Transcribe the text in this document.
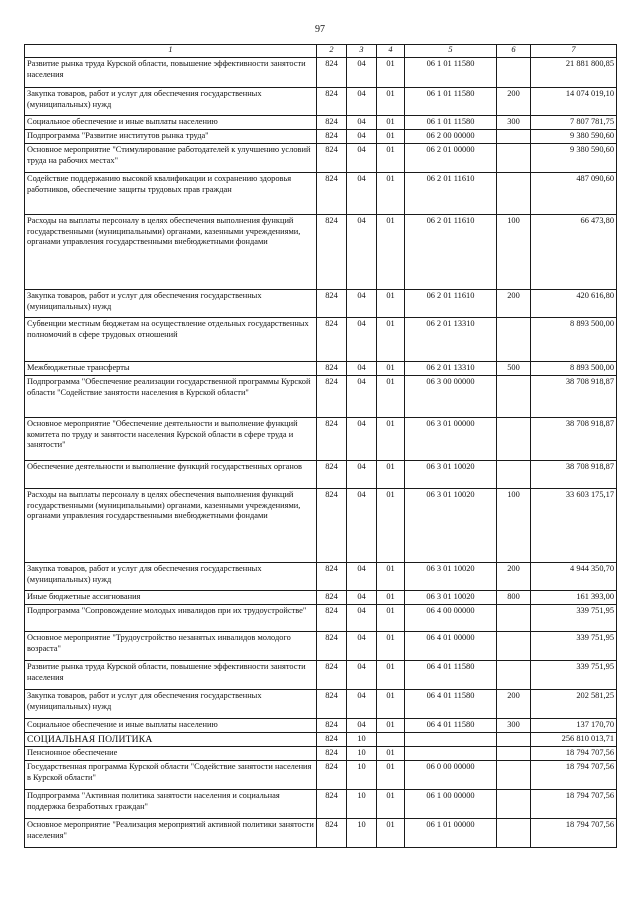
97
1	2	3	4	5	6	7
Развитие рынка труда Курской области, повышение эффективности занятости населения	824	04	01	06 1 01 11580		21 881 800,85
Закупка товаров, работ и услуг для обеспечения государственных (муниципальных) нужд	824	04	01	06 1 01 11580	200	14 074 019,10
Социальное обеспечение и иные выплаты населению	824	04	01	06 1 01 11580	300	7 807 781,75
Подпрограмма "Развитие институтов рынка труда"	824	04	01	06 2 00 00000		9 380 590,60
Основное мероприятие "Стимулирование работодателей к улучшению условий труда на рабочих местах"	824	04	01	06 2 01 00000		9 380 590,60
Содействие поддержанию высокой квалификации и сохранению здоровья работников, обеспечение защиты трудовых прав граждан	824	04	01	06 2 01 11610		487 090,60
Расходы на выплаты персоналу в целях обеспечения выполнения функций государственными (муниципальными) органами, казенными учреждениями, органами управления государственными внебюджетными фондами	824	04	01	06 2 01 11610	100	66 473,80
Закупка товаров, работ и услуг для обеспечения государственных (муниципальных) нужд	824	04	01	06 2 01 11610	200	420 616,80
Субвенции местным бюджетам на осуществление отдельных государственных полномочий в сфере трудовых отношений	824	04	01	06 2 01 13310		8 893 500,00
Межбюджетные трансферты	824	04	01	06 2 01 13310	500	8 893 500,00
Подпрограмма "Обеспечение реализации государственной программы Курской области "Содействие занятости населения в Курской области"	824	04	01	06 3 00 00000		38 708 918,87
Основное мероприятие "Обеспечение деятельности и выполнение функций комитета по труду и занятости населения Курской области в сфере труда и занятости"	824	04	01	06 3 01 00000		38 708 918,87
Обеспечение деятельности и выполнение функций государственных органов	824	04	01	06 3 01 10020		38 708 918,87
Расходы на выплаты персоналу в целях обеспечения выполнения функций государственными (муниципальными) органами, казенными учреждениями, органами управления государственными внебюджетными фондами	824	04	01	06 3 01 10020	100	33 603 175,17
Закупка товаров, работ и услуг для обеспечения государственных (муниципальных) нужд	824	04	01	06 3 01 10020	200	4 944 350,70
Иные бюджетные ассигнования	824	04	01	06 3 01 10020	800	161 393,00
Подпрограмма "Сопровождение молодых инвалидов при их трудоустройстве"	824	04	01	06 4 00 00000		339 751,95
Основное мероприятие "Трудоустройство незанятых инвалидов молодого возраста"	824	04	01	06 4 01 00000		339 751,95
Развитие рынка труда Курской области, повышение эффективности занятости населения	824	04	01	06 4 01 11580		339 751,95
Закупка товаров, работ и услуг для обеспечения государственных (муниципальных) нужд	824	04	01	06 4 01 11580	200	202 581,25
Социальное обеспечение и иные выплаты населению	824	04	01	06 4 01 11580	300	137 170,70
СОЦИАЛЬНАЯ ПОЛИТИКА	824	10				256 810 013,71
Пенсионное обеспечение	824	10	01			18 794 707,56
Государственная программа Курской области "Содействие занятости населения в Курской области"	824	10	01	06 0 00 00000		18 794 707,56
Подпрограмма "Активная политика занятости населения и социальная поддержка безработных граждан"	824	10	01	06 1 00 00000		18 794 707,56
Основное мероприятие "Реализация мероприятий активной политики занятости населения"	824	10	01	06 1 01 00000		18 794 707,56
